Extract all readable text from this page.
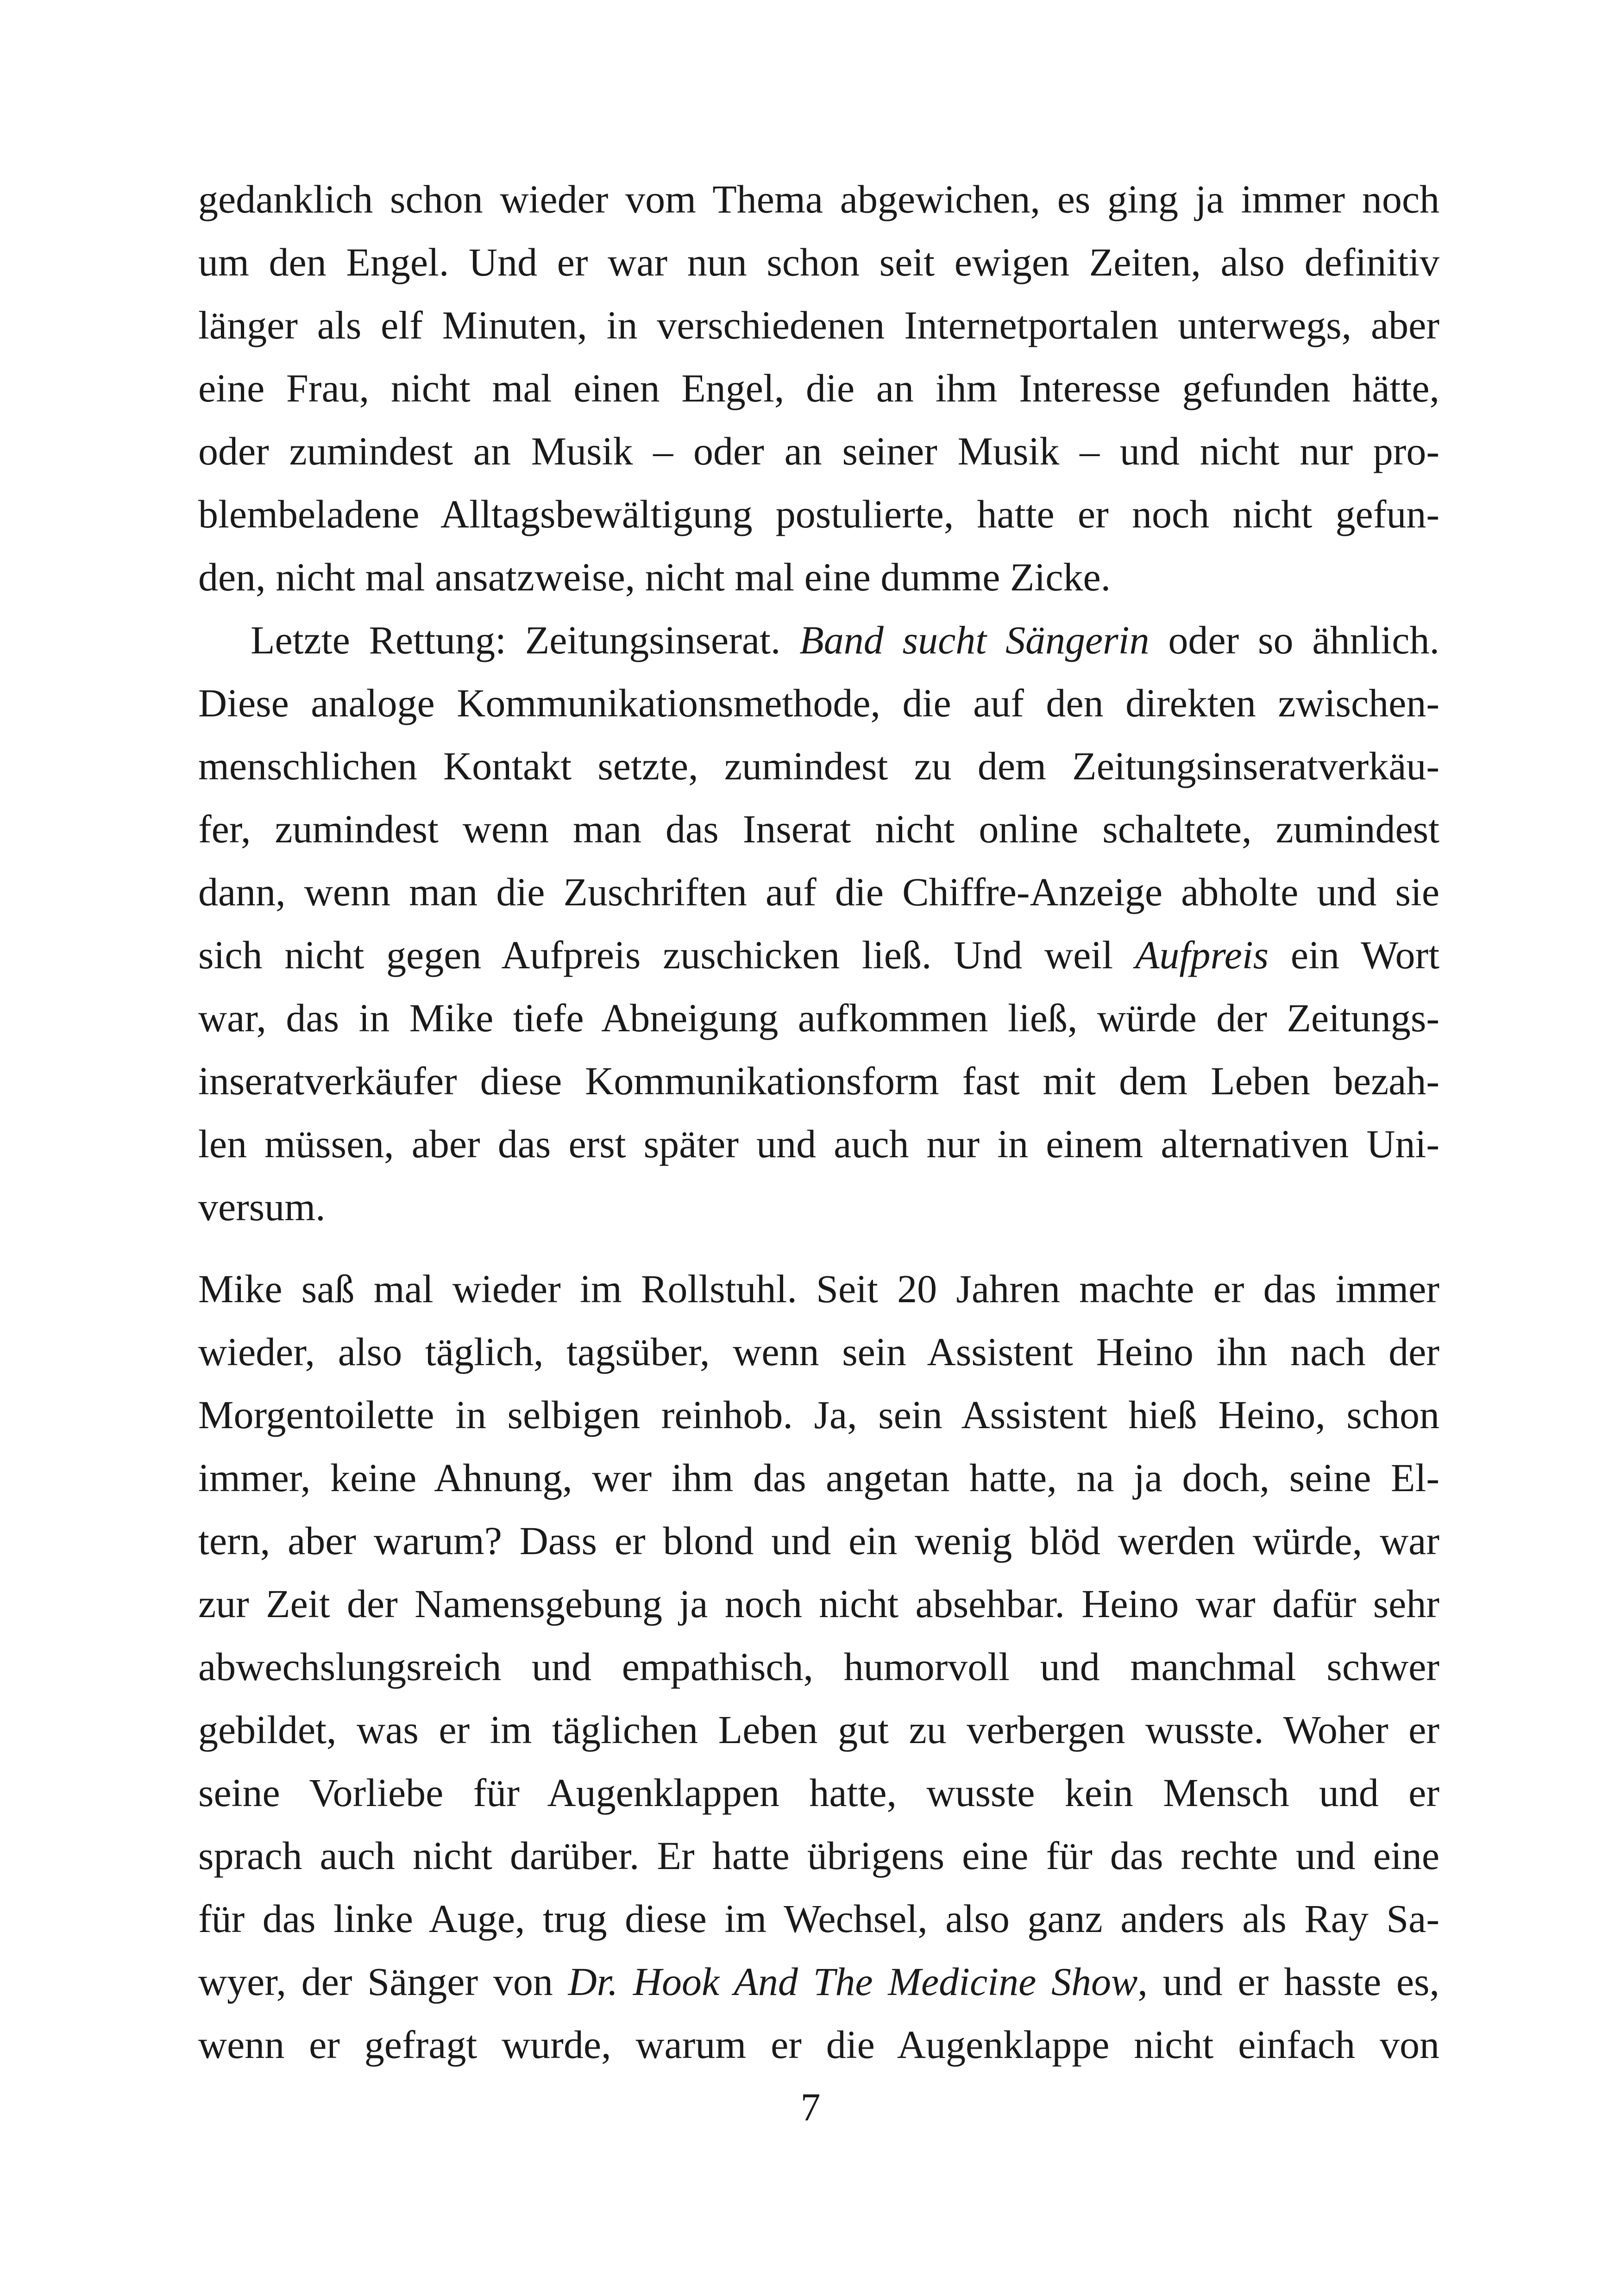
gedanklich schon wieder vom Thema abgewichen, es ging ja immer noch
um den Engel. Und er war nun schon seit ewigen Zeiten, also definitiv
länger als elf Minuten, in verschiedenen Internetportalen unterwegs, aber
eine Frau, nicht mal einen Engel, die an ihm Interesse gefunden hätte,
oder zumindest an Musik – oder an seiner Musik – und nicht nur pro-
blembeladene Alltagsbewältigung postulierte, hatte er noch nicht gefun-
den, nicht mal ansatzweise, nicht mal eine dumme Zicke.
Letzte Rettung: Zeitungsinserat. Band sucht Sängerin oder so ähnlich.
Diese analoge Kommunikationsmethode, die auf den direkten zwischen-
menschlichen Kontakt setzte, zumindest zu dem Zeitungsinseratverkäu-
fer, zumindest wenn man das Inserat nicht online schaltete, zumindest
dann, wenn man die Zuschriften auf die Chiffre-Anzeige abholte und sie
sich nicht gegen Aufpreis zuschicken ließ. Und weil Aufpreis ein Wort
war, das in Mike tiefe Abneigung aufkommen ließ, würde der Zeitungs-
inseratverkäufer diese Kommunikationsform fast mit dem Leben bezah-
len müssen, aber das erst später und auch nur in einem alternativen Uni-
versum.
Mike saß mal wieder im Rollstuhl. Seit 20 Jahren machte er das immer
wieder, also täglich, tagsüber, wenn sein Assistent Heino ihn nach der
Morgentoilette in selbigen reinhob. Ja, sein Assistent hieß Heino, schon
immer, keine Ahnung, wer ihm das angetan hatte, na ja doch, seine El-
tern, aber warum? Dass er blond und ein wenig blöd werden würde, war
zur Zeit der Namensgebung ja noch nicht absehbar. Heino war dafür sehr
abwechslungsreich und empathisch, humorvoll und manchmal schwer
gebildet, was er im täglichen Leben gut zu verbergen wusste. Woher er
seine Vorliebe für Augenklappen hatte, wusste kein Mensch und er
sprach auch nicht darüber. Er hatte übrigens eine für das rechte und eine
für das linke Auge, trug diese im Wechsel, also ganz anders als Ray Sa-
wyer, der Sänger von Dr. Hook And The Medicine Show, und er hasste es,
wenn er gefragt wurde, warum er die Augenklappe nicht einfach von
7
